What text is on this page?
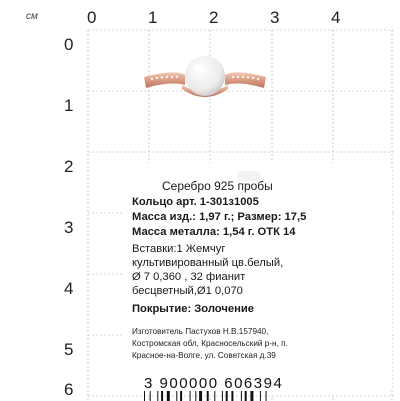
см	0	1	2	3	4
0
1
2
3
4
5
6
Серебро 925 пробы
Кольцо арт. 1-301з1005
Масса изд.: 1,97 г.; Размер: 17,5
Масса металла: 1,54 г. ОТК 14
Вставки:1 Жемчуг
культивированный цв.белый,
Ø 7 0,360 , 32 фианит
бесцветный,Ø1 0,070
Покрытие: Золочение
Изготовитель Пастухов Н.В.157940,
Костромская обл, Красносельский р-н, п.
Красное-на-Волге, ул. Советская д.39
3 900000 606394
